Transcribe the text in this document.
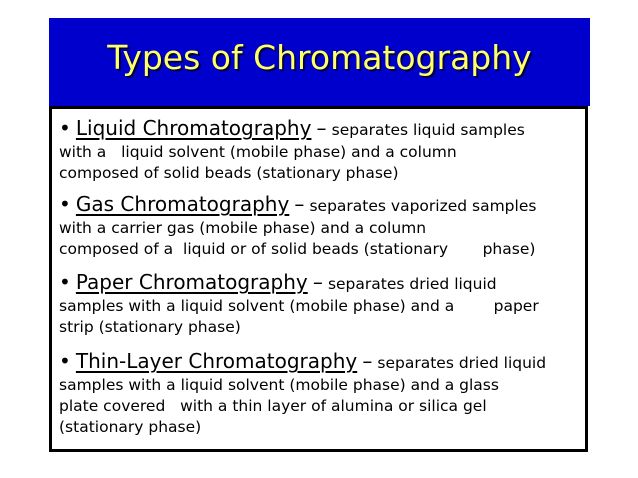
Types of Chromatography
• Liquid Chromatography – separates liquid samples
with a   liquid solvent (mobile phase) and a column
composed of solid beads (stationary phase)
• Gas Chromatography – separates vaporized samples
with a carrier gas (mobile phase) and a column
composed of a  liquid or of solid beads (stationary       phase)
• Paper Chromatography – separates dried liquid
samples with a liquid solvent (mobile phase) and a        paper
strip (stationary phase)
• Thin-Layer Chromatography – separates dried liquid
samples with a liquid solvent (mobile phase) and a glass
plate covered   with a thin layer of alumina or silica gel
(stationary phase)
